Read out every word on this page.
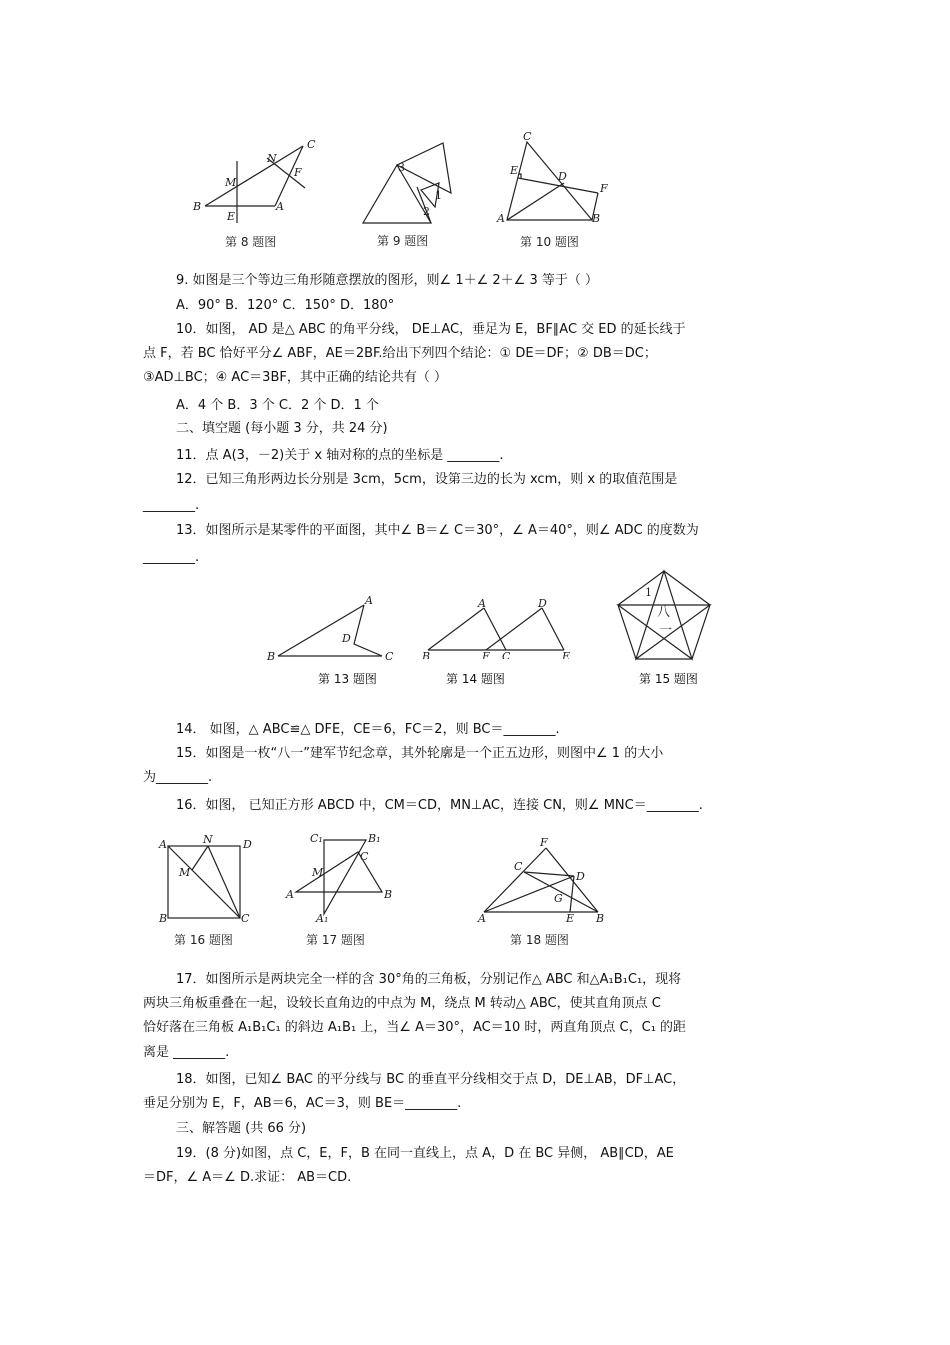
B
E
A
M
N
C
F
第 8 题图
3
1
2
第 9 题图
C
E	D
F
A	B
第 10 题图
9. 如图是三个等边三角形随意摆放的图形，则∠ 1＋∠ 2＋∠ 3 等于（ ）
A．90° B．120° C．150° D．180°
10．如图， AD 是△ ABC 的角平分线， DE⊥AC，垂足为 E，BF∥AC 交 ED 的延长线于
点 F，若 BC 恰好平分∠ ABF，AE＝2BF.给出下列四个结论：① DE＝DF；② DB＝DC；
③AD⊥BC；④ AC＝3BF，其中正确的结论共有（ ）
A．4 个 B．3 个 C．2 个 D．1 个
二、填空题 (每小题 3 分，共 24 分)
11．点 A(3，－2)关于 x 轴对称的点的坐标是 ________.
12．已知三角形两边长分别是 3cm，5cm，设第三边的长为 xcm，则 x 的取值范围是
________.
13．如图所示是某零件的平面图，其中∠ B＝∠ C＝30°，∠ A＝40°，则∠ ADC 的度数为
________.
A
D
B	C
第 13 题图
A	D
B	F C	E
第 14 题图
1
八
一
第 15 题图
14． 如图，△ ABC≌△ DFE，CE＝6，FC＝2，则 BC＝________.
15．如图是一枚“八一”建军节纪念章，其外轮廓是一个正五边形，则图中∠ 1 的大小
为________.
16．如图， 已知正方形 ABCD 中，CM＝CD，MN⊥AC，连接 CN，则∠ MNC＝________.
A	N	D
M
B	C
第 16 题图
C₁	B₁
C
M
A	B
A₁
第 17 题图
F
C
D
G
A	E B
第 18 题图
17．如图所示是两块完全一样的含 30°角的三角板，分别记作△ ABC 和△A₁B₁C₁，现将
两块三角板重叠在一起，设较长直角边的中点为 M，绕点 M 转动△ ABC，使其直角顶点 C
恰好落在三角板 A₁B₁C₁ 的斜边 A₁B₁ 上，当∠ A＝30°，AC＝10 时，两直角顶点 C，C₁ 的距
离是 ________.
18．如图，已知∠ BAC 的平分线与 BC 的垂直平分线相交于点 D，DE⊥AB，DF⊥AC，
垂足分别为 E，F，AB＝6，AC＝3，则 BE＝________.
三、解答题 (共 66 分)
19．(8 分)如图，点 C，E，F，B 在同一直线上，点 A，D 在 BC 异侧， AB∥CD，AE
＝DF，∠ A＝∠ D.求证： AB＝CD.
